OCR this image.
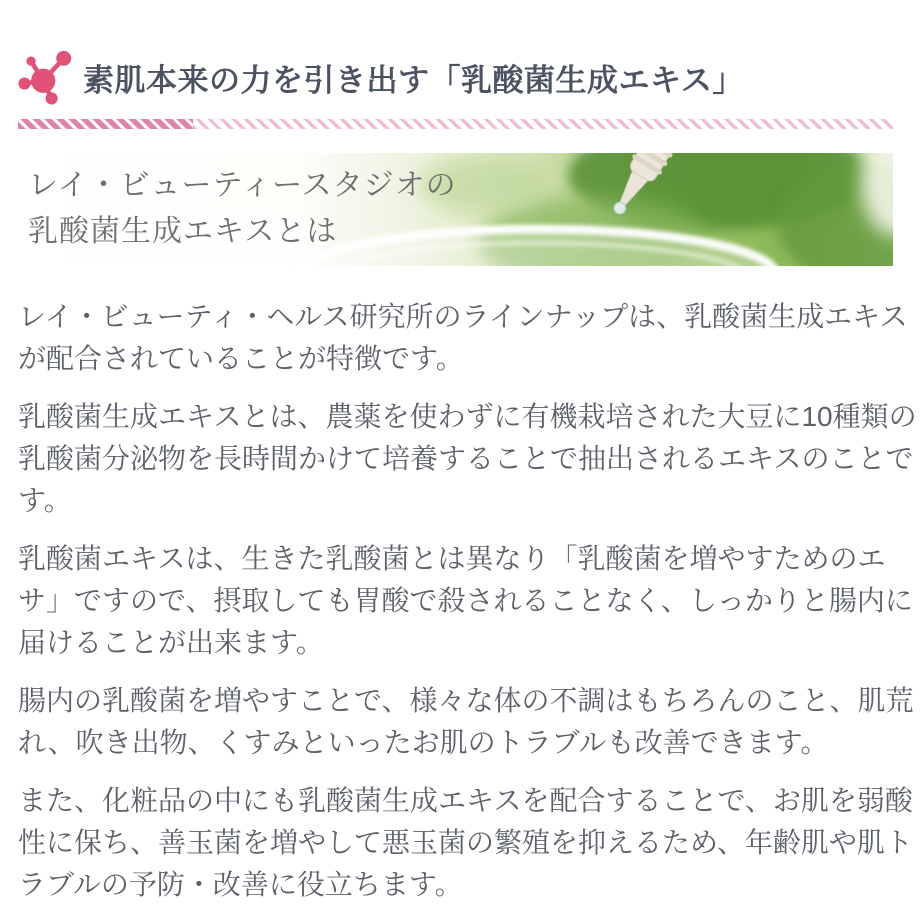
素肌本来の力を引き出す「乳酸菌生成エキス」
レイ・ビューティースタジオの
乳酸菌生成エキスとは
レイ・ビューティ・ヘルス研究所のラインナップは、乳酸菌生成エキス
が配合されていることが特徴です。
乳酸菌生成エキスとは、農薬を使わずに有機栽培された大豆に10種類の
乳酸菌分泌物を長時間かけて培養することで抽出されるエキスのことで
す。
乳酸菌エキスは、生きた乳酸菌とは異なり「乳酸菌を増やすためのエ
サ」ですので、摂取しても胃酸で殺されることなく、しっかりと腸内に
届けることが出来ます。
腸内の乳酸菌を増やすことで、様々な体の不調はもちろんのこと、肌荒
れ、吹き出物、くすみといったお肌のトラブルも改善できます。
また、化粧品の中にも乳酸菌生成エキスを配合することで、お肌を弱酸
性に保ち、善玉菌を増やして悪玉菌の繁殖を抑えるため、年齢肌や肌ト
ラブルの予防・改善に役立ちます。
